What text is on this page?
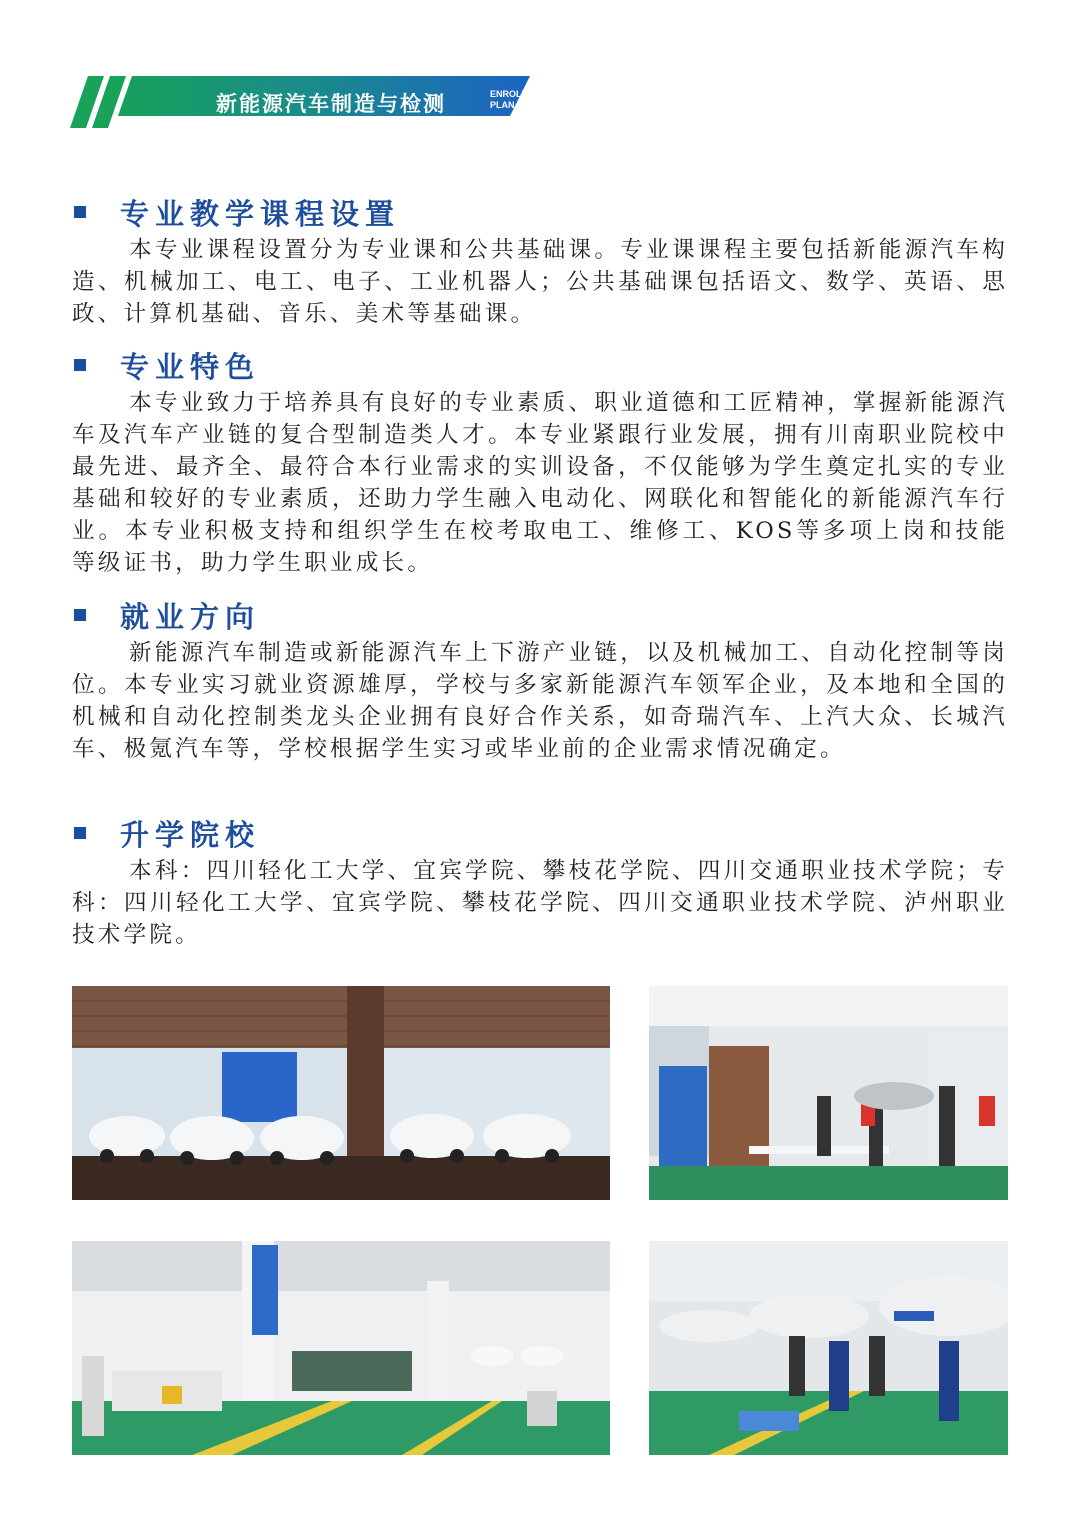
新能源汽车制造与检测	ENROLLMENT
PLAN
专业教学课程设置

本专业课程设置分为专业课和公共基础课。专业课课程主要包括新能源汽车构造、机械加工、电工、电子、工业机器人；公共基础课包括语文、数学、英语、思政、计算机基础、音乐、美术等基础课。

专业特色

本专业致力于培养具有良好的专业素质、职业道德和工匠精神，掌握新能源汽车及汽车产业链的复合型制造类人才。本专业紧跟行业发展，拥有川南职业院校中最先进、最齐全、最符合本行业需求的实训设备，不仅能够为学生奠定扎实的专业基础和较好的专业素质，还助力学生融入电动化、网联化和智能化的新能源汽车行业。本专业积极支持和组织学生在校考取电工、维修工、KOS等多项上岗和技能等级证书，助力学生职业成长。

就业方向

新能源汽车制造或新能源汽车上下游产业链，以及机械加工、自动化控制等岗位。本专业实习就业资源雄厚，学校与多家新能源汽车领军企业，及本地和全国的机械和自动化控制类龙头企业拥有良好合作关系，如奇瑞汽车、上汽大众、长城汽车、极氪汽车等，学校根据学生实习或毕业前的企业需求情况确定。

升学院校

本科：四川轻化工大学、宜宾学院、攀枝花学院、四川交通职业技术学院；专科：四川轻化工大学、宜宾学院、攀枝花学院、四川交通职业技术学院、泸州职业技术学院。
